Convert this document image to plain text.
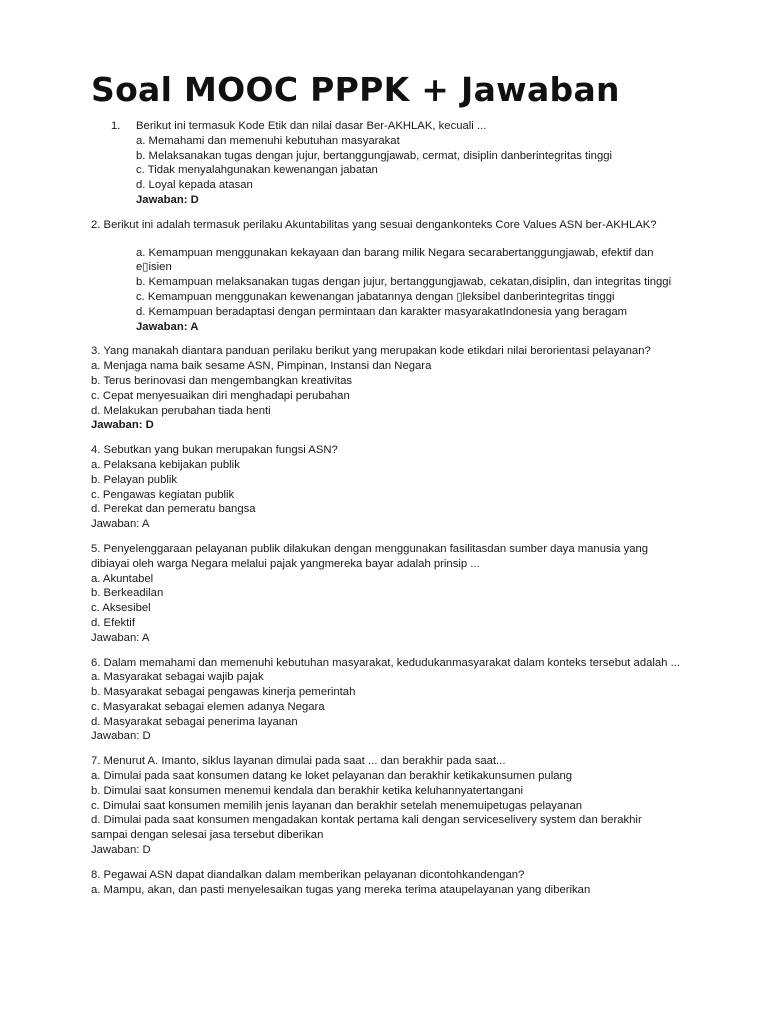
Soal MOOC PPPK + Jawaban

1. Berikut ini termasuk Kode Etik dan nilai dasar Ber-AKHLAK, kecuali ...

a. Memahami dan memenuhi kebutuhan masyarakat

b. Melaksanakan tugas dengan jujur, bertanggungjawab, cermat, disiplin danberintegritas tinggi

c. Tidak menyalahgunakan kewenangan jabatan

d. Loyal kepada atasan

Jawaban: D

2. Berikut ini adalah termasuk perilaku Akuntabilitas yang sesuai dengankonteks Core Values ASN ber-AKHLAK?

a. Kemampuan menggunakan kekayaan dan barang milik Negara secarabertanggungjawab, efektif dan e▯isien

b. Kemampuan melaksanakan tugas dengan jujur, bertanggungjawab, cekatan,disiplin, dan integritas tinggi

c. Kemampuan menggunakan kewenangan jabatannya dengan ▯leksibel danberintegritas tinggi

d. Kemampuan beradaptasi dengan permintaan dan karakter masyarakatIndonesia yang beragam

Jawaban: A

3. Yang manakah diantara panduan perilaku berikut yang merupakan kode etikdari nilai berorientasi pelayanan?

a. Menjaga nama baik sesame ASN, Pimpinan, Instansi dan Negara

b. Terus berinovasi dan mengembangkan kreativitas

c. Cepat menyesuaikan diri menghadapi perubahan

d. Melakukan perubahan tiada henti

Jawaban: D

4. Sebutkan yang bukan merupakan fungsi ASN?

a. Pelaksana kebijakan publik

b. Pelayan publik

c. Pengawas kegiatan publik

d. Perekat dan pemeratu bangsa

Jawaban: A

5. Penyelenggaraan pelayanan publik dilakukan dengan menggunakan fasilitasdan sumber daya manusia yang dibiayai oleh warga Negara melalui pajak yangmereka bayar adalah prinsip ...

a. Akuntabel

b. Berkeadilan

c. Aksesibel

d. Efektif

Jawaban: A

6. Dalam memahami dan memenuhi kebutuhan masyarakat, kedudukanmasyarakat dalam konteks tersebut adalah ...

a. Masyarakat sebagai wajib pajak

b. Masyarakat sebagai pengawas kinerja pemerintah

c. Masyarakat sebagai elemen adanya Negara

d. Masyarakat sebagai penerima layanan

Jawaban: D

7. Menurut A. Imanto, siklus layanan dimulai pada saat ... dan berakhir pada saat...

a. Dimulai pada saat konsumen datang ke loket pelayanan dan berakhir ketikakunsumen pulang

b. Dimulai saat konsumen menemui kendala dan berakhir ketika keluhannyatertangani

c. Dimulai saat konsumen memilih jenis layanan dan berakhir setelah menemuipetugas pelayanan

d. Dimulai pada saat konsumen mengadakan kontak pertama kali dengan serviceselivery system dan berakhir sampai dengan selesai jasa tersebut diberikan

Jawaban: D

8. Pegawai ASN dapat diandalkan dalam memberikan pelayanan dicontohkandengan?

a. Mampu, akan, dan pasti menyelesaikan tugas yang mereka terima ataupelayanan yang diberikan
